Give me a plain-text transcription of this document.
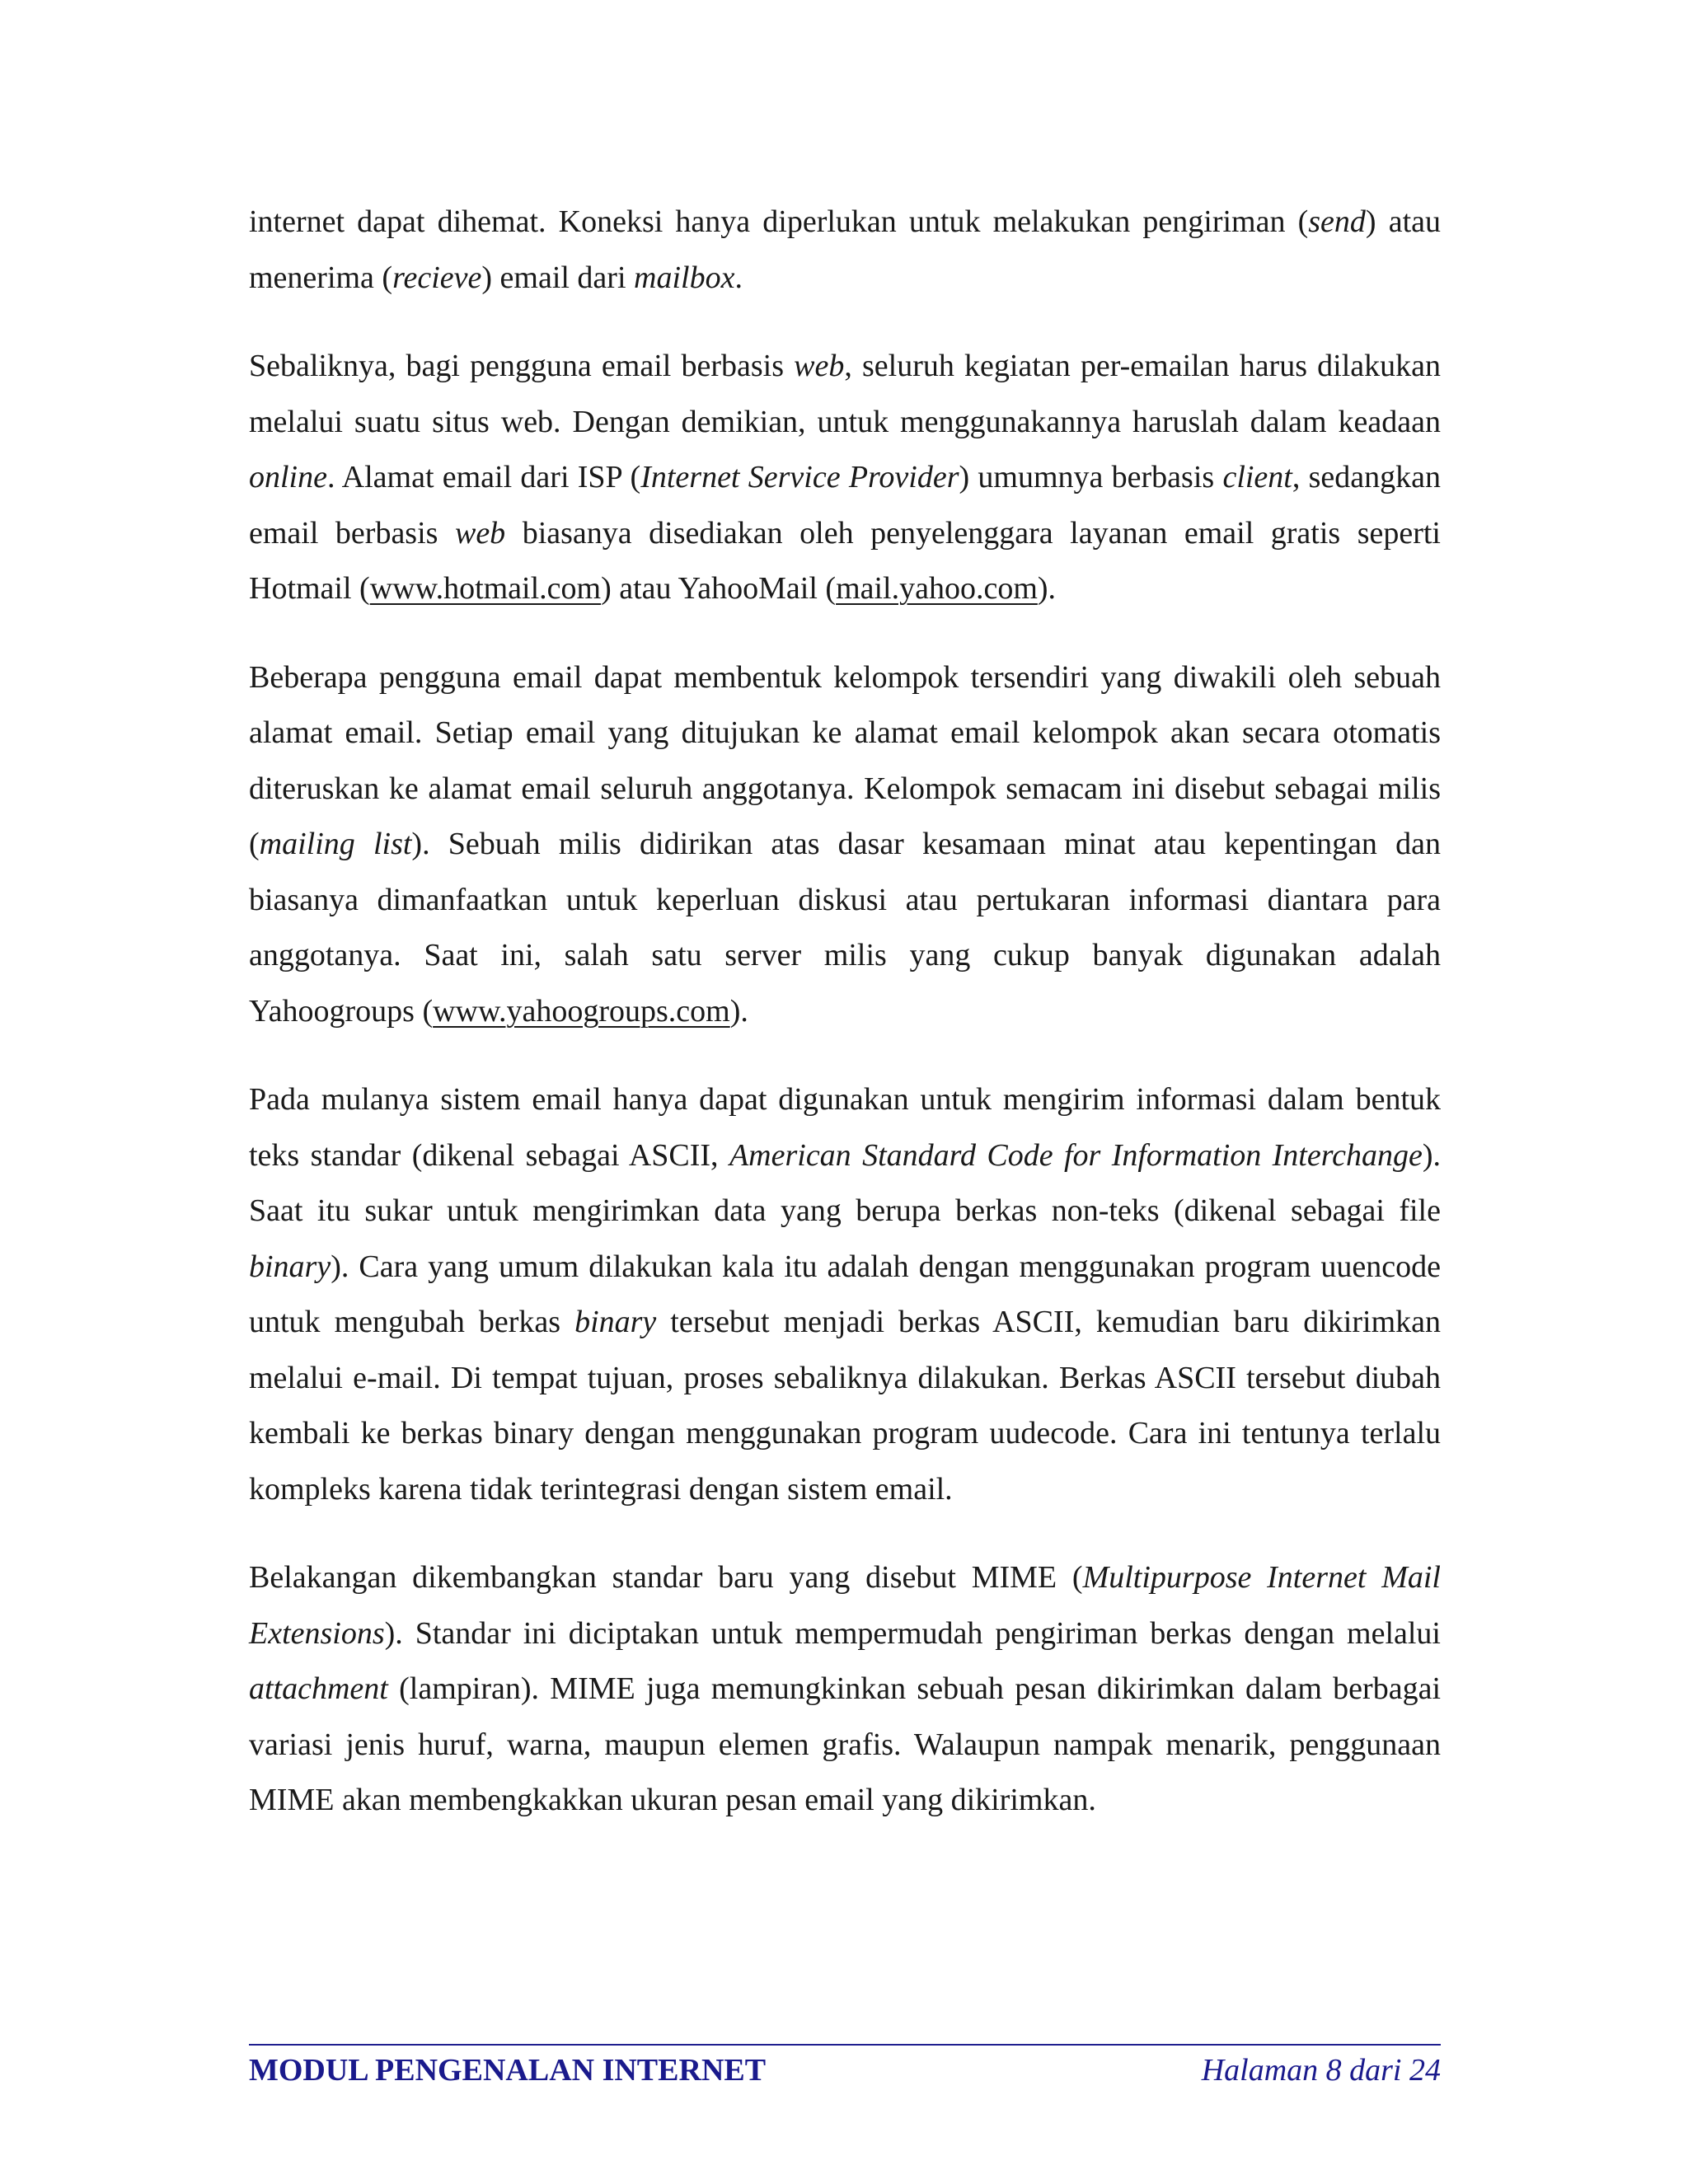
internet dapat dihemat. Koneksi hanya diperlukan untuk melakukan pengiriman (send) atau menerima (recieve) email dari mailbox.

Sebaliknya, bagi pengguna email berbasis web, seluruh kegiatan per-emailan harus dilakukan melalui suatu situs web. Dengan demikian, untuk menggunakannya haruslah dalam keadaan online. Alamat email dari ISP (Internet Service Provider) umumnya berbasis client, sedangkan email berbasis web biasanya disediakan oleh penyelenggara layanan email gratis seperti Hotmail (www.hotmail.com) atau YahooMail (mail.yahoo.com).

Beberapa pengguna email dapat membentuk kelompok tersendiri yang diwakili oleh sebuah alamat email. Setiap email yang ditujukan ke alamat email kelompok akan secara otomatis diteruskan ke alamat email seluruh anggotanya. Kelompok semacam ini disebut sebagai milis (mailing list). Sebuah milis didirikan atas dasar kesamaan minat atau kepentingan dan biasanya dimanfaatkan untuk keperluan diskusi atau pertukaran informasi diantara para anggotanya. Saat ini, salah satu server milis yang cukup banyak digunakan adalah Yahoogroups (www.yahoogroups.com).

Pada mulanya sistem email hanya dapat digunakan untuk mengirim informasi dalam bentuk teks standar (dikenal sebagai ASCII, American Standard Code for Information Interchange). Saat itu sukar untuk mengirimkan data yang berupa berkas non-teks (dikenal sebagai file binary). Cara yang umum dilakukan kala itu adalah dengan menggunakan program uuencode untuk mengubah berkas binary tersebut menjadi berkas ASCII, kemudian baru dikirimkan melalui e-mail. Di tempat tujuan, proses sebaliknya dilakukan. Berkas ASCII tersebut diubah kembali ke berkas binary dengan menggunakan program uudecode. Cara ini tentunya terlalu kompleks karena tidak terintegrasi dengan sistem email.

Belakangan dikembangkan standar baru yang disebut MIME (Multipurpose Internet Mail Extensions). Standar ini diciptakan untuk mempermudah pengiriman berkas dengan melalui attachment (lampiran). MIME juga memungkinkan sebuah pesan dikirimkan dalam berbagai variasi jenis huruf, warna, maupun elemen grafis. Walaupun nampak menarik, penggunaan MIME akan membengkakkan ukuran pesan email yang dikirimkan.

MODUL PENGENALAN INTERNET	Halaman 8 dari 24
